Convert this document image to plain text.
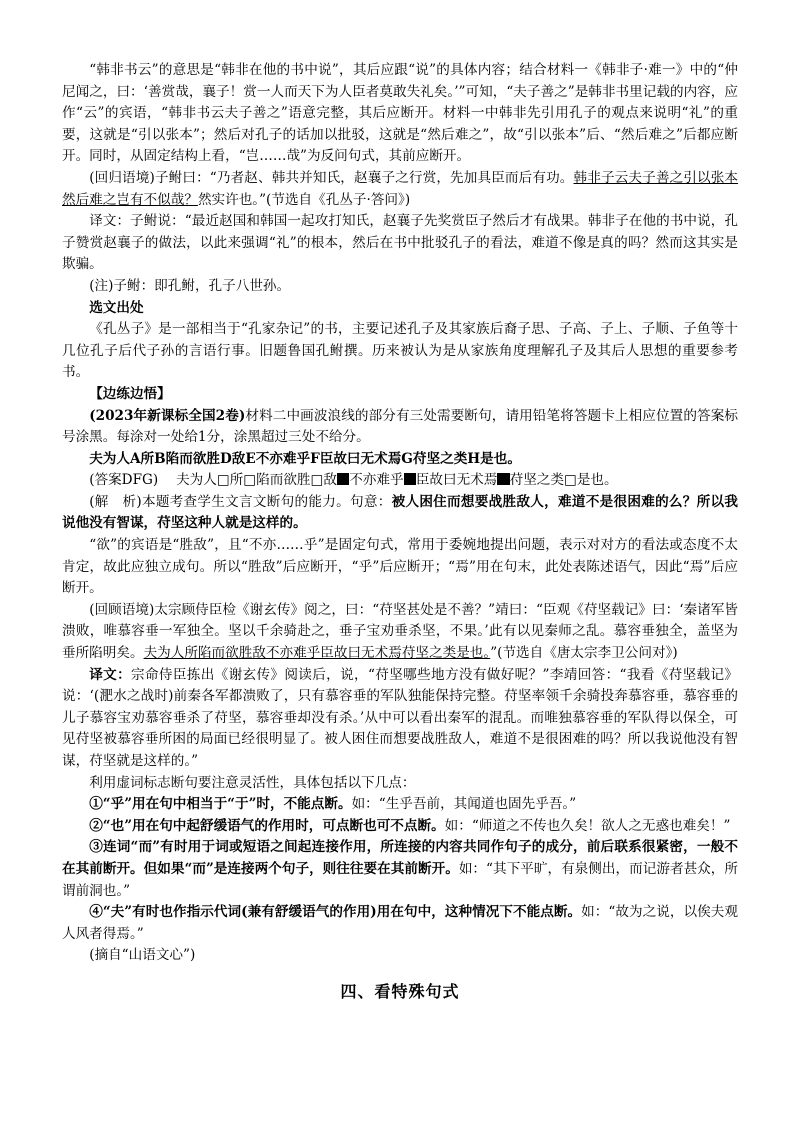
“韩非书云”的意思是“韩非在他的书中说”，其后应跟“说”的具体内容；结合材料一《韩非子·难一》中的“仲尼闻之，曰：‘善赏哉，襄子！赏一人而天下为人臣者莫敢失礼矣。’”可知，“夫子善之”是韩非书里记载的内容，应作“云”的宾语，“韩非书云夫子善之”语意完整，其后应断开。材料一中韩非先引用孔子的观点来说明“礼”的重要，这就是“引以张本”；然后对孔子的话加以批驳，这就是“然后难之”，故“引以张本”后、“然后难之”后都应断开。同时，从固定结构上看，“岂……哉”为反问句式，其前应断开。

(回归语境)子鲋曰：“乃者赵、韩共并知氏，赵襄子之行赏，先加具臣而后有功。韩非子云夫子善之引以张本然后难之岂有不似哉？然实许也。”(节选自《孔丛子·答问》)

译文：子鲋说：“最近赵国和韩国一起攻打知氏，赵襄子先奖赏臣子然后才有战果。韩非子在他的书中说，孔子赞赏赵襄子的做法，以此来强调“礼”的根本，然后在书中批驳孔子的看法，难道不像是真的吗？然而这其实是欺骗。

(注)子鲋：即孔鲋，孔子八世孙。

选文出处

《孔丛子》是一部相当于“孔家杂记”的书，主要记述孔子及其家族后裔子思、子高、子上、子顺、子鱼等十几位孔子后代子孙的言语行事。旧题鲁国孔鲋撰。历来被认为是从家族角度理解孔子及其后人思想的重要参考书。

【边练边悟】

(2023年新课标全国2卷)材料二中画波浪线的部分有三处需要断句，请用铅笔将答题卡上相应位置的答案标号涂黑。每涂对一处给1分，涂黑超过三处不给分。

夫为人A所B陷而欲胜D敌E不亦难乎F臣故曰无术焉G苻坚之类H是也。

(答案DFG)　 夫为人□所□陷而欲胜□敌 不亦难乎 臣故曰无术焉 苻坚之类□是也。

(解　析)本题考查学生文言文断句的能力。句意：被人困住而想要战胜敌人，难道不是很困难的么？所以我说他没有智谋，苻坚这种人就是这样的。

“欲”的宾语是“胜敌”，且“不亦……乎”是固定句式，常用于委婉地提出问题，表示对对方的看法或态度不太肯定，故此应独立成句。所以“胜敌”后应断开，“乎”后应断开；“焉”用在句末，此处表陈述语气，因此“焉”后应断开。

(回顾语境)太宗顾侍臣检《谢玄传》阅之，曰：“苻坚甚处是不善？”靖曰：“臣观《苻坚载记》曰：‘秦诸军皆溃败，唯慕容垂一军独全。坚以千余骑赴之，垂子宝劝垂杀坚，不果。’此有以见秦师之乱。慕容垂独全，盖坚为垂所陷明矣。夫为人所陷而欲胜敌不亦难乎臣故曰无术焉苻坚之类是也。”(节选自《唐太宗李卫公问对》)

译文：宗命侍臣拣出《谢玄传》阅读后，说，“苻坚哪些地方没有做好呢？”李靖回答：“我看《苻坚载记》说：‘(淝水之战时)前秦各军都溃败了，只有慕容垂的军队独能保持完整。苻坚率领千余骑投奔慕容垂，慕容垂的儿子慕容宝劝慕容垂杀了苻坚，慕容垂却没有杀。’从中可以看出秦军的混乱。而唯独慕容垂的军队得以保全，可见苻坚被慕容垂所困的局面已经很明显了。被人困住而想要战胜敌人，难道不是很困难的吗？所以我说他没有智谋，苻坚就是这样的。”

利用虚词标志断句要注意灵活性，具体包括以下几点：

①“乎”用在句中相当于“于”时，不能点断。如：“生乎吾前，其闻道也固先乎吾。”

②“也”用在句中起舒缓语气的作用时，可点断也可不点断。如：“师道之不传也久矣！欲人之无惑也难矣！”

③连词“而”有时用于词或短语之间起连接作用，所连接的内容共同作句子的成分，前后联系很紧密，一般不在其前断开。但如果“而”是连接两个句子，则往往要在其前断开。如：“其下平旷，有泉侧出，而记游者甚众，所谓前洞也。”

④“夫”有时也作指示代词(兼有舒缓语气的作用)用在句中，这种情况下不能点断。如：“故为之说，以俟夫观人风者得焉。”

(摘自“山语文心”)

四、看特殊句式
